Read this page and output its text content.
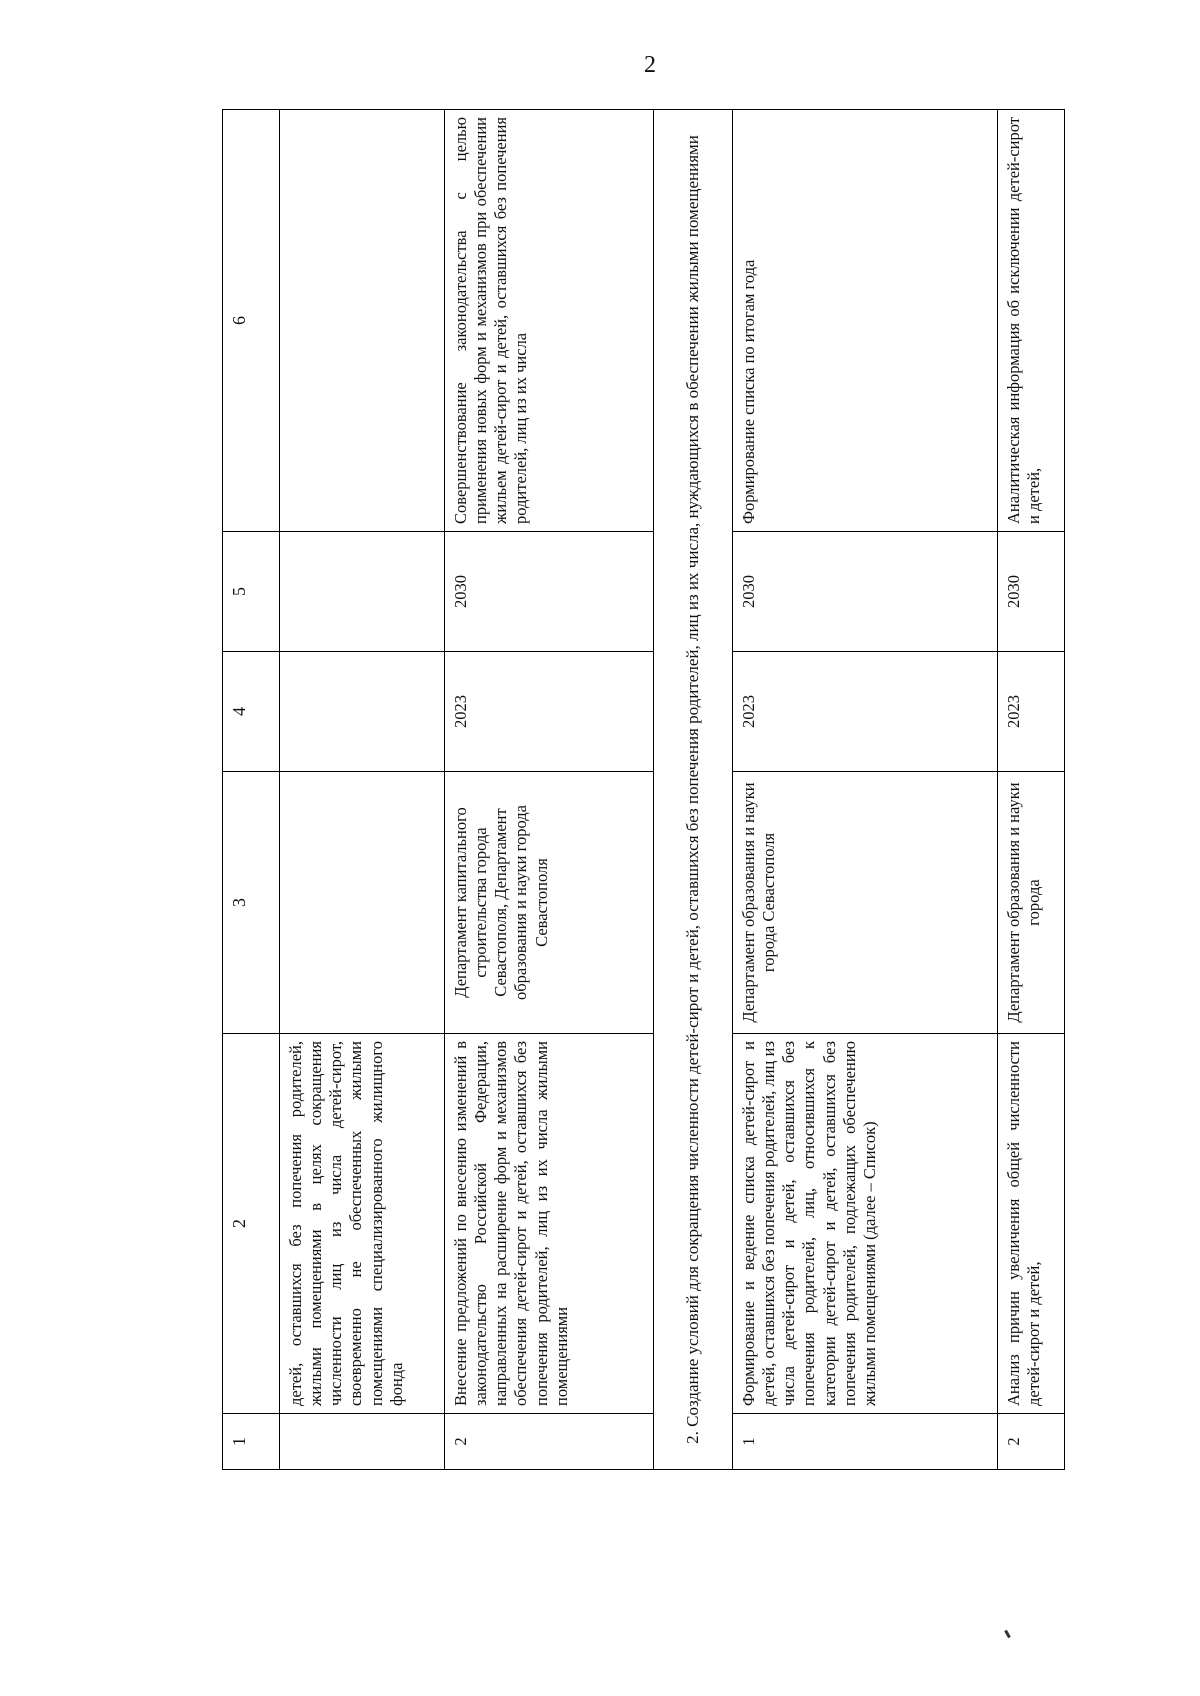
2
1	2	3	4	5	6
	детей, оставшихся без попечения родителей, жилыми помещениями в целях сокращения численности лиц из числа детей-сирот, своевременно не обеспеченных жилыми помещениями специализированного жилищного фонда				
2	Внесение предложений по внесению изменений в законодательство Российской Федерации, направленных на расширение форм и механизмов обеспечения детей-сирот и детей, оставшихся без попечения родителей, лиц из их числа жилыми помещениями	Департамент капитального строительства города Севастополя, Департамент образования и науки города Севастополя	2023	2030	Совершенствование законодательства с целью применения новых форм и механизмов при обеспечении жильем детей-сирот и детей, оставшихся без попечения родителей, лиц из их числа
2. Создание условий для сокращения численности детей-сирот и детей, оставшихся без попечения родителей, лиц из их числа, нуждающихся в обеспечении жилыми помещениями					
1	Формирование и ведение списка детей-сирот и детей, оставшихся без попечения родителей, лиц из числа детей-сирот и детей, оставшихся без попечения родителей, лиц, относившихся к категории детей-сирот и детей, оставшихся без попечения родителей, подлежащих обеспечению жилыми помещениями (далее – Список)	Департамент образования и науки города Севастополя	2023	2030	Формирование списка по итогам года
2	Анализ причин увеличения общей численности детей-сирот и детей,	Департамент образования и науки города	2023	2030	Аналитическая информация об исключении детей-сирот и детей,
